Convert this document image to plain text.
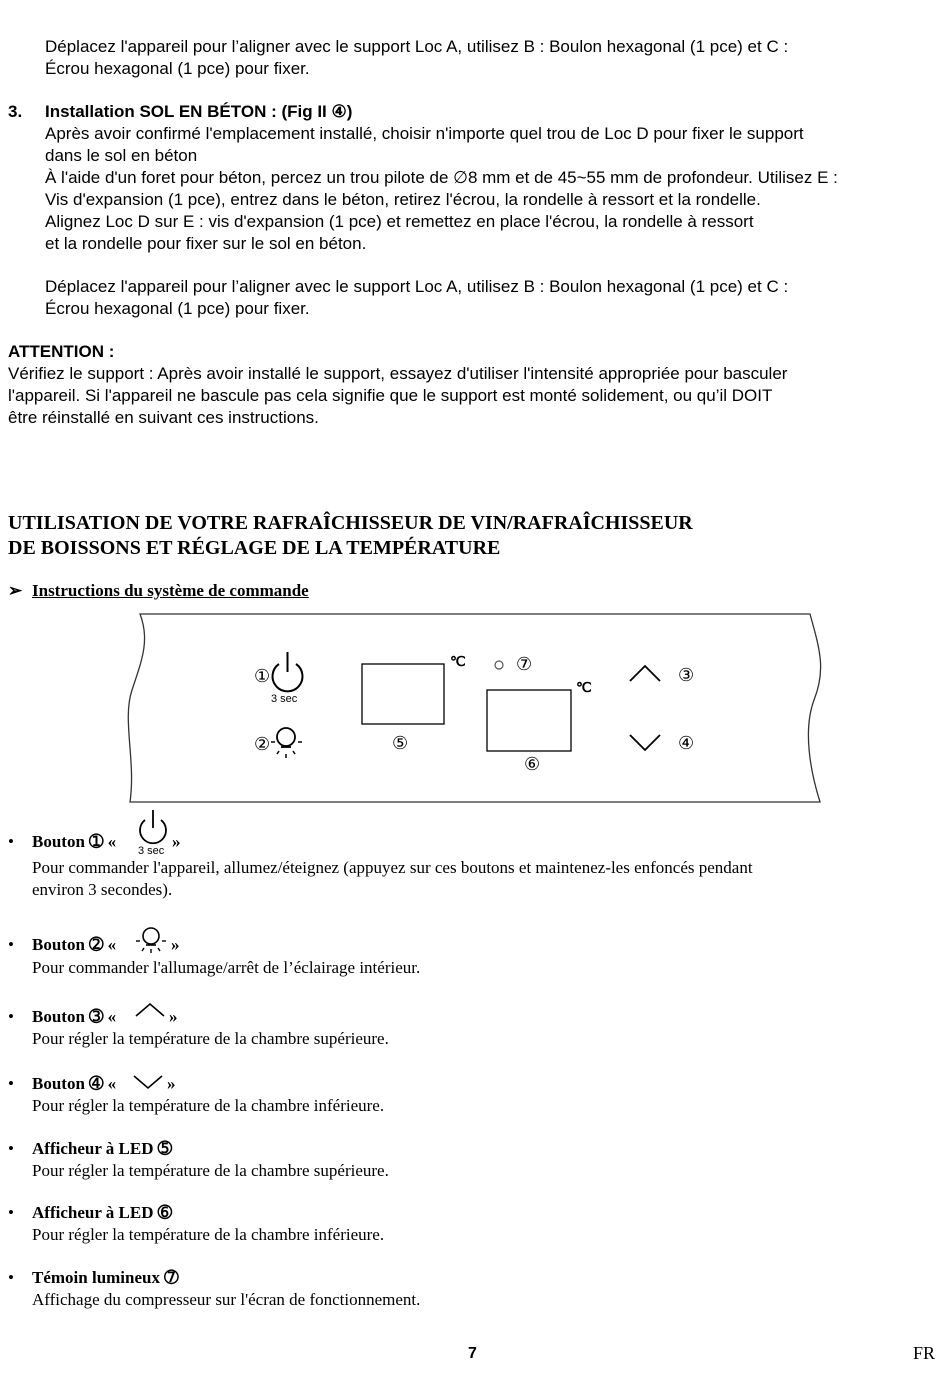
Déplacez l'appareil pour l’aligner avec le support Loc A, utilisez B : Boulon hexagonal (1 pce) et C :
Écrou hexagonal (1 pce) pour fixer.
3. Installation SOL EN BÉTON : (Fig II ④)
Après avoir confirmé l'emplacement installé, choisir n'importe quel trou de Loc D pour fixer le support
dans le sol en béton
À l'aide d'un foret pour béton, percez un trou pilote de ∅8 mm et de 45~55 mm de profondeur. Utilisez E :
Vis d'expansion (1 pce), entrez dans le béton, retirez l'écrou, la rondelle à ressort et la rondelle.
Alignez Loc D sur E : vis d'expansion (1 pce) et remettez en place l'écrou, la rondelle à ressort
et la rondelle pour fixer sur le sol en béton.
Déplacez l'appareil pour l’aligner avec le support Loc A, utilisez B : Boulon hexagonal (1 pce) et C :
Écrou hexagonal (1 pce) pour fixer.
ATTENTION :
Vérifiez le support : Après avoir installé le support, essayez d'utiliser l'intensité appropriée pour basculer
l'appareil. Si l'appareil ne bascule pas cela signifie que le support est monté solidement, ou qu’il DOIT
être réinstallé en suivant ces instructions.
UTILISATION DE VOTRE RAFRAÎCHISSEUR DE VIN/RAFRAÎCHISSEUR
DE BOISSONS ET RÉGLAGE DE LA TEMPÉRATURE
➢ Instructions du système de commande
①
②
③
④
⑤
⑥
⑦
3 sec
℃
℃
• Bouton ➀ « 3 sec »
Pour commander l'appareil, allumez/éteignez (appuyez sur ces boutons et maintenez-les enfoncés pendant
environ 3 secondes).
• Bouton ➁ «	»
Pour commander l'allumage/arrêt de l’éclairage intérieur.
• Bouton ➂ «	»
Pour régler la température de la chambre supérieure.
• Bouton ➃ «	»
Pour régler la température de la chambre inférieure.
• Afficheur à LED ➄
Pour régler la température de la chambre supérieure.
• Afficheur à LED ➅
Pour régler la température de la chambre inférieure.
• Témoin lumineux ➆
Affichage du compresseur sur l'écran de fonctionnement.
7	FR
